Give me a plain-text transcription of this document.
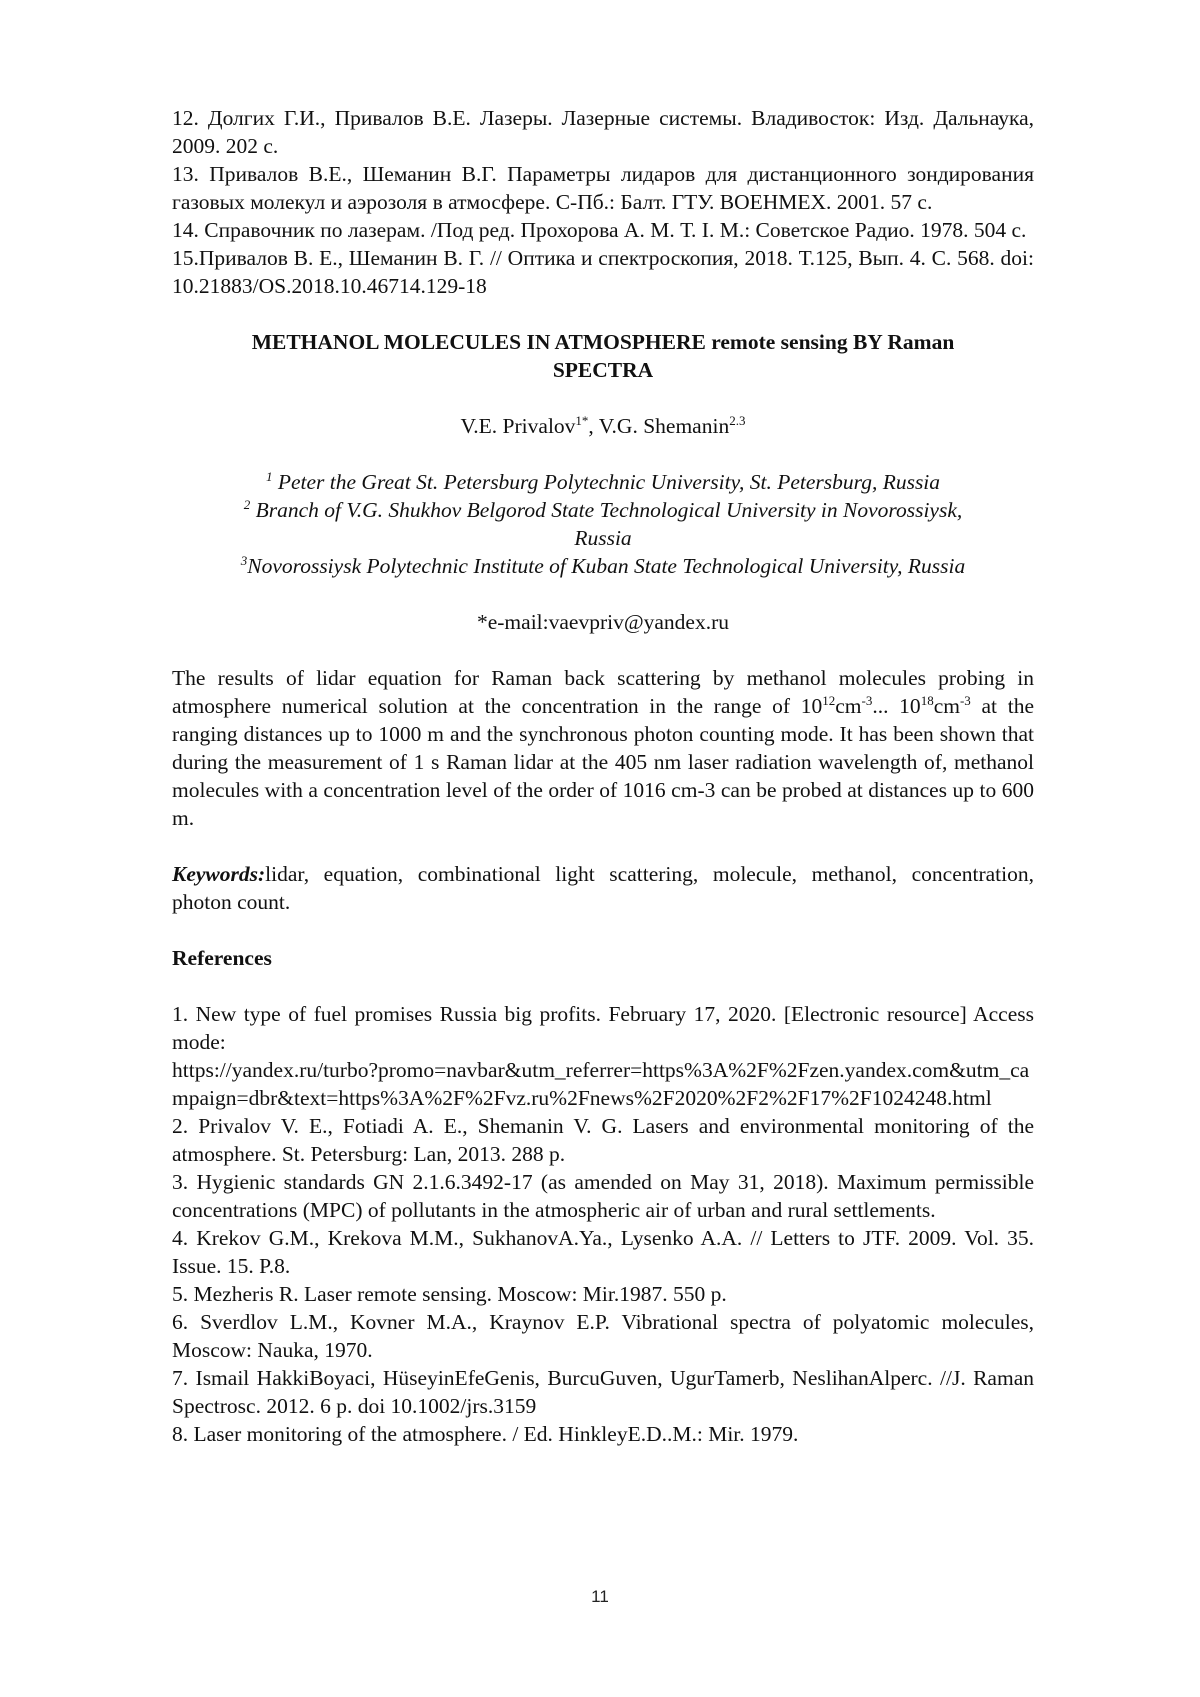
12. Долгих Г.И., Привалов В.Е. Лазеры. Лазерные системы. Владивосток: Изд. Дальнаука, 2009. 202 с.

13. Привалов В.Е., Шеманин В.Г. Параметры лидаров для дистанционного зондирования газовых молекул и аэрозоля в атмосфере. С-Пб.: Балт. ГТУ. ВОЕНМЕХ. 2001. 57 с.

14. Справочник по лазерам. /Под ред. Прохорова А. М. Т. I. М.: Советское Радио. 1978. 504 с.

15.Привалов В. Е., Шеманин В. Г. // Оптика и спектроскопия, 2018. Т.125, Вып. 4. С. 568. doi: 10.21883/OS.2018.10.46714.129-18

METHANOL MOLECULES IN ATMOSPHERE remote sensing BY Raman
SPECTRA
V.E. Privalov1*, V.G. Shemanin2.3
1 Peter the Great St. Petersburg Polytechnic University, St. Petersburg, Russia
2 Branch of V.G. Shukhov Belgorod State Technological University in Novorossiysk,
Russia
3Novorossiysk Polytechnic Institute of Kuban State Technological University, Russia
*e-mail:vaevpriv@yandex.ru
The results of lidar equation for Raman back scattering by methanol molecules probing in atmosphere numerical solution at the concentration in the range of 1012cm-3... 1018cm-3 at the ranging distances up to 1000 m and the synchronous photon counting mode. It has been shown that during the measurement of 1 s Raman lidar at the 405 nm laser radiation wavelength of, methanol molecules with a concentration level of the order of 1016 cm-3 can be probed at distances up to 600 m.
Keywords:lidar, equation, combinational light scattering, molecule, methanol, concentration, photon count.
References

1. New type of fuel promises Russia big profits. February 17, 2020. [Electronic resource] Access mode:

https://yandex.ru/turbo?promo=navbar&utm_referrer=https%3A%2F%2Fzen.yandex.com&utm_campaign=dbr&text=https%3A%2F%2Fvz.ru%2Fnews%2F2020%2F2%2F17%2F1024248.html

2. Privalov V. E., Fotiadi A. E., Shemanin V. G. Lasers and environmental monitoring of the atmosphere. St. Petersburg: Lan, 2013. 288 p.

3. Hygienic standards GN 2.1.6.3492-17 (as amended on May 31, 2018). Maximum permissible concentrations (MPC) of pollutants in the atmospheric air of urban and rural settlements.

4. Krekov G.M., Krekova M.M., SukhanovA.Ya., Lysenko A.A. // Letters to JTF. 2009. Vol. 35. Issue. 15. P.8.

5. Mezheris R. Laser remote sensing. Moscow: Mir.1987. 550 p.

6. Sverdlov L.M., Kovner M.A., Kraynov E.P. Vibrational spectra of polyatomic molecules, Moscow: Nauka, 1970.

7. Ismail HakkiBoyaci, HüseyinEfeGenis, BurcuGuven, UgurTamerb, NeslihanAlperc. //J. Raman Spectrosc. 2012. 6 p. doi 10.1002/jrs.3159

8. Laser monitoring of the atmosphere. / Ed. HinkleyE.D..M.: Mir. 1979.

11
